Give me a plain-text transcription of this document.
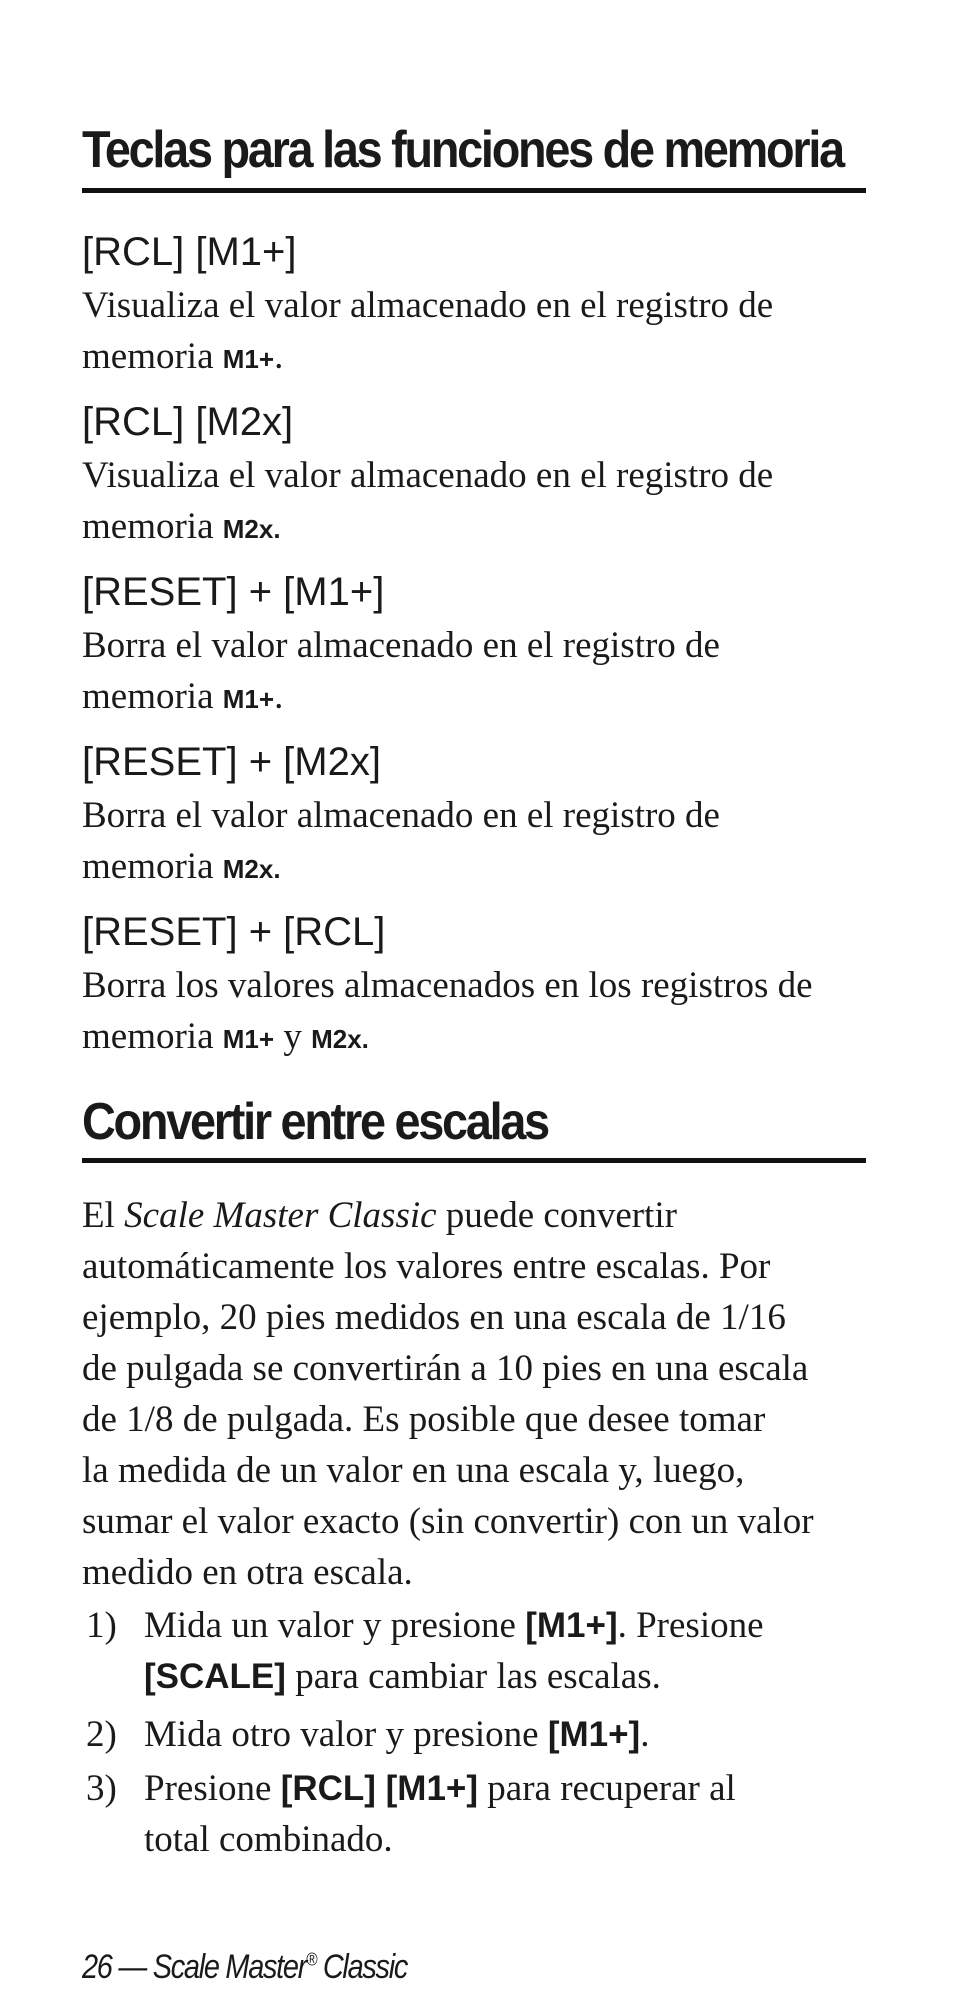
Teclas para las funciones de memoria

[RCL] [M1+]

Visualiza el valor almacenado en el registro de
memoria M1+.

[RCL] [M2x]

Visualiza el valor almacenado en el registro de
memoria M2x.

[RESET] + [M1+]

Borra el valor almacenado en el registro de
memoria M1+.

[RESET] + [M2x]

Borra el valor almacenado en el registro de
memoria M2x.

[RESET] + [RCL]

Borra los valores almacenados en los registros de
memoria M1+ y M2x.

Convertir entre escalas

El Scale Master Classic puede convertir
automáticamente los valores entre escalas. Por
ejemplo, 20 pies medidos en una escala de 1/16
de pulgada se convertirán a 10 pies en una escala
de 1/8 de pulgada. Es posible que desee tomar
la medida de un valor en una escala y, luego,
sumar el valor exacto (sin convertir) con un valor
medido en otra escala.

1) Mida un valor y presione [M1+]. Presione
[SCALE] para cambiar las escalas.
2) Mida otro valor y presione [M1+].
3) Presione [RCL] [M1+] para recuperar al
total combinado.
26 — Scale Master® Classic
